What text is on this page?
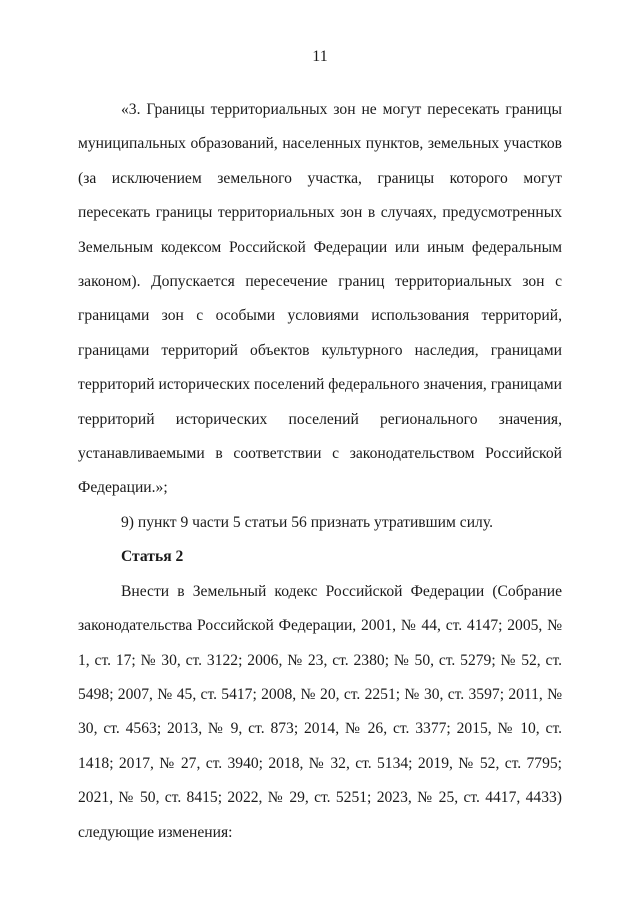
11

«3. Границы территориальных зон не могут пересекать границы муниципальных образований, населенных пунктов, земельных участков (за исключением земельного участка, границы которого могут пересекать границы территориальных зон в случаях, предусмотренных Земельным кодексом Российской Федерации или иным федеральным законом). Допускается пересечение границ территориальных зон с границами зон с особыми условиями использования территорий, границами территорий объектов культурного наследия, границами территорий исторических поселений федерального значения, границами территорий исторических поселений регионального значения, устанавливаемыми в соответствии с законодательством Российской Федерации.»;

9) пункт 9 части 5 статьи 56 признать утратившим силу.

Статья 2

Внести в Земельный кодекс Российской Федерации (Собрание законодательства Российской Федерации, 2001, № 44, ст. 4147; 2005, № 1, ст. 17; № 30, ст. 3122; 2006, № 23, ст. 2380; № 50, ст. 5279; № 52, ст. 5498; 2007, № 45, ст. 5417; 2008, № 20, ст. 2251; № 30, ст. 3597; 2011, № 30, ст. 4563; 2013, № 9, ст. 873; 2014, № 26, ст. 3377; 2015, № 10, ст. 1418; 2017, № 27, ст. 3940; 2018, № 32, ст. 5134; 2019, № 52, ст. 7795; 2021, № 50, ст. 8415; 2022, № 29, ст. 5251; 2023, № 25, ст. 4417, 4433) следующие изменения:
